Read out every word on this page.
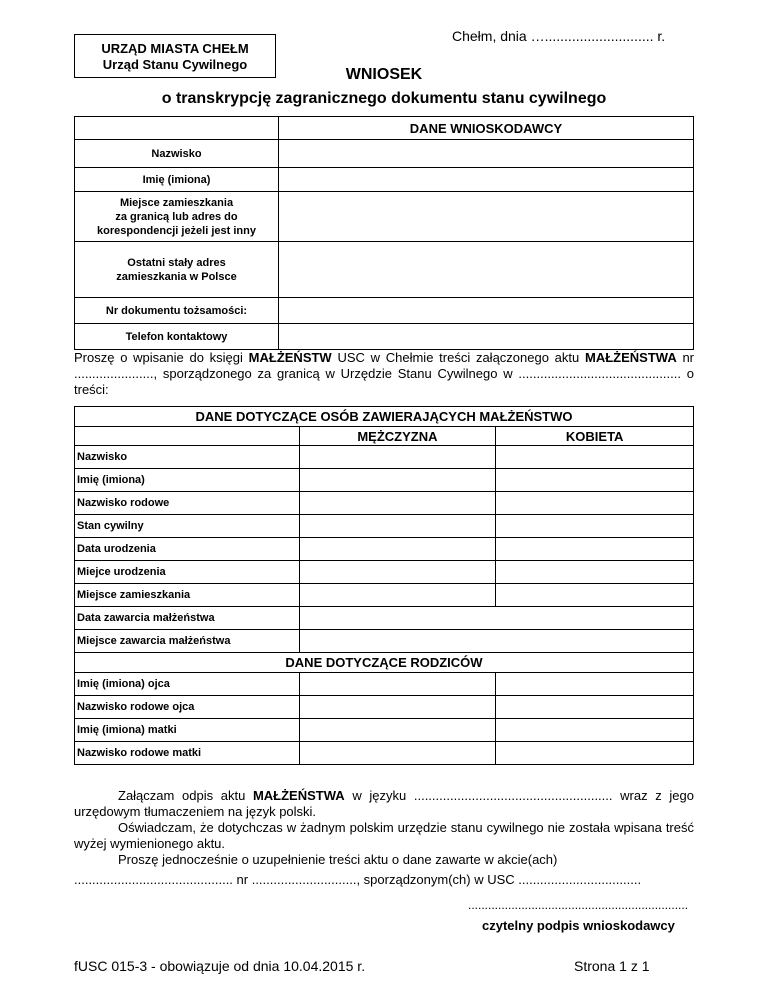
Chełm, dnia …............................ r.
URZĄD MIASTA CHEŁM
Urząd Stanu Cywilnego
WNIOSEK
o transkrypcję zagranicznego dokumentu stanu cywilnego
	DANE WNIOSKODAWCY
Nazwisko	
Imię (imiona)	
Miejsce zamieszkania
za granicą lub adres do
korespondencji jeżeli jest inny	
Ostatni stały adres
zamieszkania w Polsce	
Nr dokumentu tożsamości:	
Telefon kontaktowy	
Proszę o wpisanie do księgi MAŁŻEŃSTW USC w Chełmie treści załączonego aktu MAŁŻEŃSTWA nr ......................, sporządzonego za granicą w Urzędzie Stanu Cywilnego w ............................................. o treści:
DANE DOTYCZĄCE OSÓB ZAWIERAJĄCYCH MAŁŻEŃSTWO		
	MĘŻCZYZNA	KOBIETA
Nazwisko		
Imię (imiona)		
Nazwisko rodowe		
Stan cywilny		
Data urodzenia		
Miejce urodzenia		
Miejsce zamieszkania		
Data zawarcia małżeństwa		
Miejsce zawarcia małżeństwa		
DANE DOTYCZĄCE RODZICÓW		
Imię (imiona) ojca		
Nazwisko rodowe ojca		
Imię (imiona) matki		
Nazwisko rodowe matki		

Załączam odpis aktu MAŁŻEŃSTWA w języku ....................................................... wraz z jego urzędowym tłumaczeniem na język polski.

Oświadczam, że dotychczas w żadnym polskim urzędzie stanu cywilnego nie została wpisana treść wyżej wymienionego aktu.

Proszę jednocześnie o uzupełnienie treści aktu o dane zawarte w akcie(ach)

............................................ nr ............................., sporządzonym(ch) w USC ..................................
..................................................................
czytelny podpis wnioskodawcy
fUSC 015-3 - obowiązuje od dnia 10.04.2015 r.	Strona 1 z 1
